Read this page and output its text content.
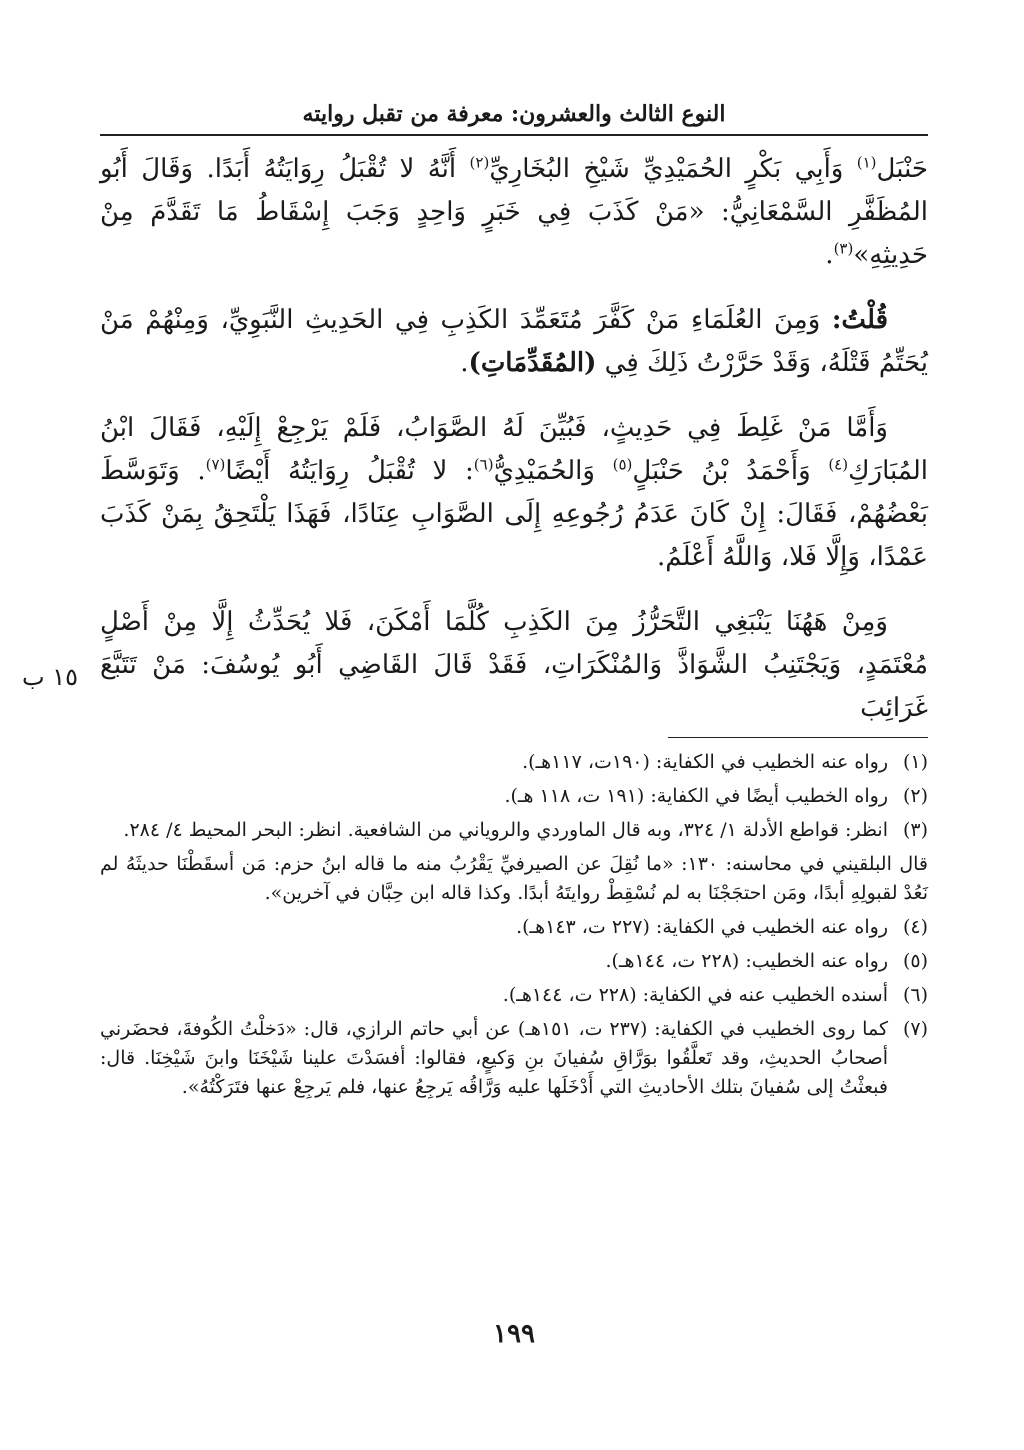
النوع الثالث والعشرون: معرفة من تقبل روايته

حَنْبَل$^{(١)}$ وَأَبِي بَكْرٍ الحُمَيْدِيِّ شَيْخِ البُخَارِيِّ$^{(٢)}$ أَنَّهُ لا تُقْبَلُ رِوَايَتُهُ أَبَدًا. وَقَالَ أَبُو المُظَفَّرِ السَّمْعَانِيُّ: «مَنْ كَذَبَ فِي خَبَرٍ وَاحِدٍ وَجَبَ إِسْقَاطُ مَا تَقَدَّمَ مِنْ حَدِيثِهِ»$^{(٣)}$.

قُلْتُ: وَمِنَ العُلَمَاءِ مَنْ كَفَّرَ مُتَعَمِّدَ الكَذِبِ فِي الحَدِيثِ النَّبَوِيِّ، وَمِنْهُمْ مَنْ يُحَتِّمُ قَتْلَهُ، وَقَدْ حَرَّرْتُ ذَلِكَ فِي (المُقَدِّمَاتِ).

وَأَمَّا مَنْ غَلِطَ فِي حَدِيثٍ، فَبُيِّنَ لَهُ الصَّوَابُ، فَلَمْ يَرْجِعْ إِلَيْهِ، فَقَالَ ابْنُ المُبَارَكِ$^{(٤)}$ وَأَحْمَدُ بْنُ حَنْبَلٍ$^{(٥)}$ وَالحُمَيْدِيُّ$^{(٦)}$: لا تُقْبَلُ رِوَايَتُهُ أَيْضًا$^{(٧)}$. وَتَوَسَّطَ بَعْضُهُمْ، فَقَالَ: إِنْ كَانَ عَدَمُ رُجُوعِهِ إِلَى الصَّوَابِ عِنَادًا، فَهَذَا يَلْتَحِقُ بِمَنْ كَذَبَ عَمْدًا، وَإِلَّا فَلا، وَاللَّهُ أَعْلَمُ.

وَمِنْ هَهُنَا يَنْبَغِي التَّحَرُّزُ مِنَ الكَذِبِ كُلَّمَا أَمْكَنَ، فَلا يُحَدِّثُ إِلَّا مِنْ أَصْلٍ مُعْتَمَدٍ، وَيَجْتَنِبُ الشَّوَاذَّ وَالمُنْكَرَاتِ، فَقَدْ قَالَ القَاضِي أَبُو يُوسُفَ: مَنْ تَتَبَّعَ غَرَائِبَ

١٥ ب
(١)
رواه عنه الخطيب في الكفاية: (١٩٠ت، ١١٧هـ).
(٢)
رواه الخطيب أيضًا في الكفاية: (١٩١ ت، ١١٨ هـ).
(٣)
انظر: قواطع الأدلة ١/ ٣٢٤، وبه قال الماوردي والروياني من الشافعية. انظر: البحر المحيط ٤/ ٢٨٤.
قال البلقيني في محاسنه: ١٣٠: «ما نُقِلَ عن الصيرفيِّ يَقْرُبُ منه ما قاله ابنُ حزم: مَن أسقَطْنَا حديثَهُ لم نَعُدْ لقبولِهِ أبدًا، ومَن احتجَجْنَا به لم نُسْقِطْ روايتَهُ أبدًا. وكذا قاله ابن حِبَّان في آخرين».
(٤)
رواه عنه الخطيب في الكفاية: (٢٢٧ ت، ١٤٣هـ).
(٥)
رواه عنه الخطيب: (٢٢٨ ت، ١٤٤هـ).
(٦)
أسنده الخطيب عنه في الكفاية: (٢٢٨ ت، ١٤٤هـ).
(٧)
كما روى الخطيب في الكفاية: (٢٣٧ ت، ١٥١هـ) عن أبي حاتم الرازي، قال: «دَخلْتُ الكُوفةَ، فحضَرني أصحابُ الحديثِ، وقد تَعلَّقُوا بوَرَّاقِ سُفيانَ بنِ وَكيعٍ، فقالوا: أفسَدْتَ علينا شَيْخَنَا وابنَ شَيْخِنَا. قال: فبعثْتُ إلى سُفيانَ بتلك الأحاديثِ التي أَدْخَلَها عليه وَرَّاقُه يَرجِعُ عنها، فلم يَرجِعْ عنها فتَرَكْتُهُ».
١٩٩
